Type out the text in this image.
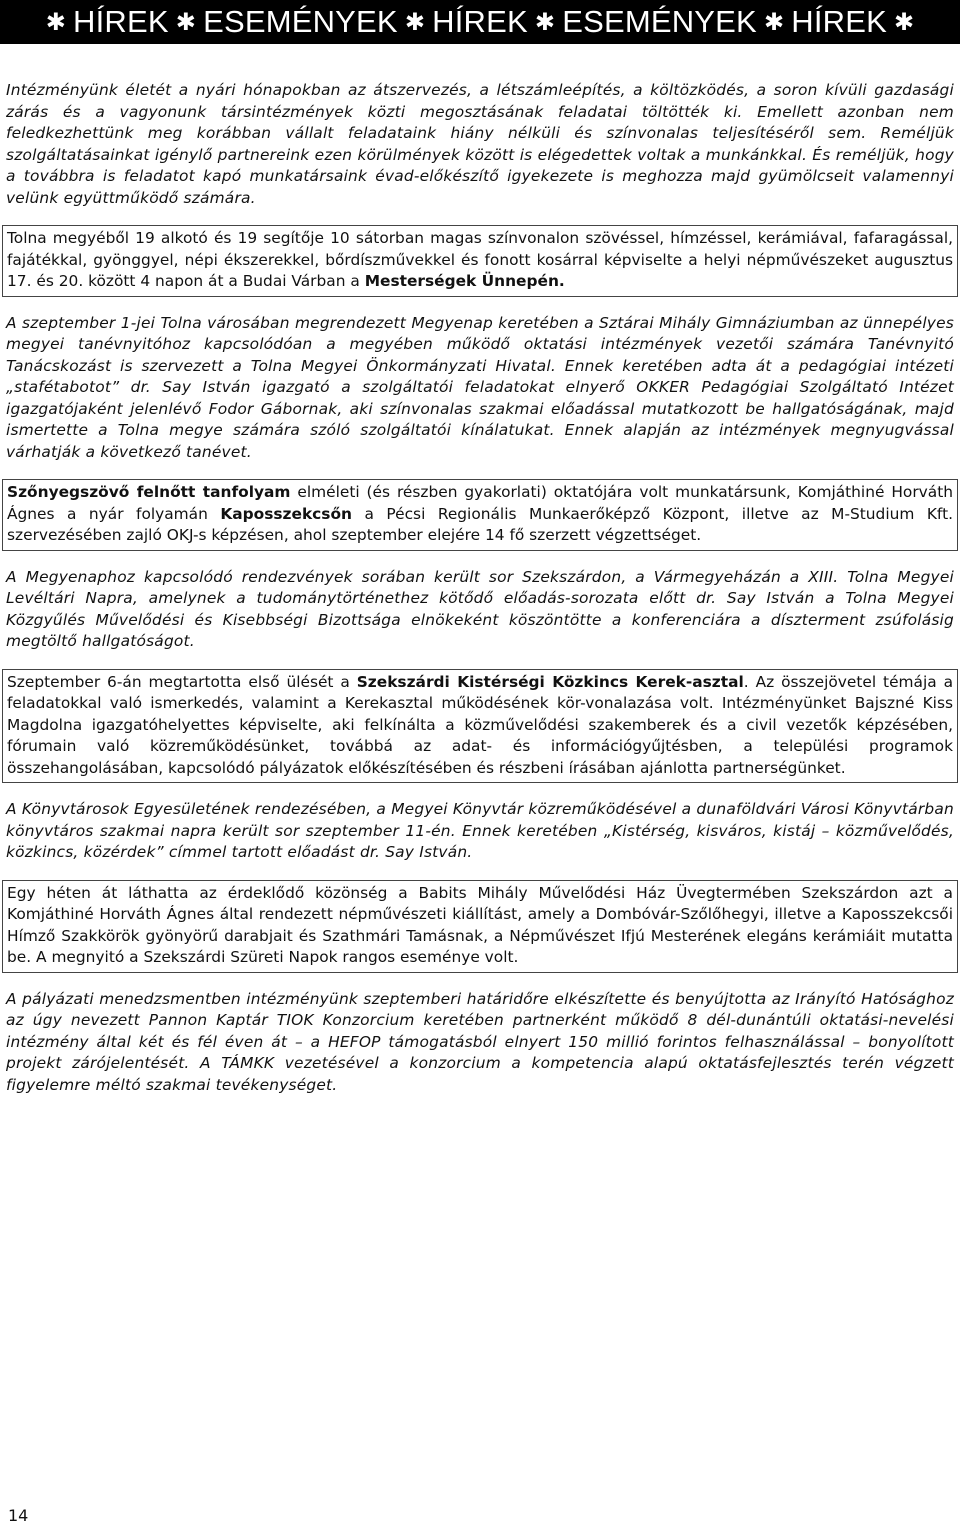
✱ HÍREK ✱ ESEMÉNYEK ✱ HÍREK ✱ ESEMÉNYEK ✱ HÍREK ✱

Intézményünk életét a nyári hónapokban az átszervezés, a létszámleépítés, a költözködés, a soron kívüli gazdasági zárás és a vagyonunk társintézmények közti megosztásának feladatai töltötték ki. Emellett azonban nem feledkezhettünk meg korábban vállalt feladataink hiány nélküli és színvonalas teljesítéséről sem. Reméljük szolgáltatásainkat igénylő partnereink ezen körülmények között is elégedettek voltak a munkánkkal. És reméljük, hogy a továbbra is feladatot kapó munkatársaink évad-előkészítő igyekezete is meghozza majd gyümölcseit valamennyi velünk együttműködő számára.

Tolna megyéből 19 alkotó és 19 segítője 10 sátorban magas színvonalon szövéssel, hímzéssel, kerámiával, fafaragással, fajátékkal, gyönggyel, népi ékszerekkel, bőrdíszművekkel és fonott kosárral képviselte a helyi népművészeket augusztus 17. és 20. között 4 napon át a Budai Várban a Mesterségek Ünnepén.

A szeptember 1-jei Tolna városában megrendezett Megyenap keretében a Sztárai Mihály Gimnáziumban az ünnepélyes megyei tanévnyitóhoz kapcsolódóan a megyében működő oktatási intézmények vezetői számára Tanévnyitó Tanácskozást is szervezett a Tolna Megyei Önkormányzati Hivatal. Ennek keretében adta át a pedagógiai intézeti „stafétabotot” dr. Say István igazgató a szolgáltatói feladatokat elnyerő OKKER Pedagógiai Szolgáltató Intézet igazgatójaként jelenlévő Fodor Gábornak, aki színvonalas szakmai előadással mutatkozott be hallgatóságának, majd ismertette a Tolna megye számára szóló szolgáltatói kínálatukat. Ennek alapján az intézmények megnyugvással várhatják a következő tanévet.

Szőnyegszövő felnőtt tanfolyam elméleti (és részben gyakorlati) oktatójára volt munkatársunk, Komjáthiné Horváth Ágnes a nyár folyamán Kaposszekcsőn a Pécsi Regionális Munkaerőképző Központ, illetve az M-Studium Kft. szervezésében zajló OKJ-s képzésen, ahol szeptember elejére 14 fő szerzett végzettséget.

A Megyenaphoz kapcsolódó rendezvények sorában került sor Szekszárdon, a Vármegyeházán a XIII. Tolna Megyei Levéltári Napra, amelynek a tudománytörténethez kötődő előadás-sorozata előtt dr. Say István a Tolna Megyei Közgyűlés Művelődési és Kisebbségi Bizottsága elnökeként köszöntötte a konferenciára a díszterment zsúfolásig megtöltő hallgatóságot.

Szeptember 6-án megtartotta első ülését a Szekszárdi Kistérségi Közkincs Kerek-asztal. Az összejövetel témája a feladatokkal való ismerkedés, valamint a Kerekasztal működésének kör-vonalazása volt. Intézményünket Bajszné Kiss Magdolna igazgatóhelyettes képviselte, aki felkínálta a közművelődési szakemberek és a civil vezetők képzésében, fórumain való közreműködésünket, továbbá az adat- és információgyűjtésben, a települési programok összehangolásában, kapcsolódó pályázatok előkészítésében és részbeni írásában ajánlotta partnerségünket.

A Könyvtárosok Egyesületének rendezésében, a Megyei Könyvtár közreműködésével a dunaföldvári Városi Könyvtárban könyvtáros szakmai napra került sor szeptember 11-én. Ennek keretében „Kistérség, kisváros, kistáj – közművelődés, közkincs, közérdek” címmel tartott előadást dr. Say István.

Egy héten át láthatta az érdeklődő közönség a Babits Mihály Művelődési Ház Üvegtermében Szekszárdon azt a Komjáthiné Horváth Ágnes által rendezett népművészeti kiállítást, amely a Dombóvár-Szőlőhegyi, illetve a Kaposszekcsői Hímző Szakkörök gyönyörű darabjait és Szathmári Tamásnak, a Népművészet Ifjú Mesterének elegáns kerámiáit mutatta be. A megnyitó a Szekszárdi Szüreti Napok rangos eseménye volt.

A pályázati menedzsmentben intézményünk szeptemberi határidőre elkészítette és benyújtotta az Irányító Hatósághoz az úgy nevezett Pannon Kaptár TIOK Konzorcium keretében partnerként működő 8 dél-dunántúli oktatási-nevelési intézmény által két és fél éven át – a HEFOP támogatásból elnyert 150 millió forintos felhasználással – bonyolított projekt zárójelentését. A TÁMKK vezetésével a konzorcium a kompetencia alapú oktatásfejlesztés terén végzett figyelemre méltó szakmai tevékenységet.

14
